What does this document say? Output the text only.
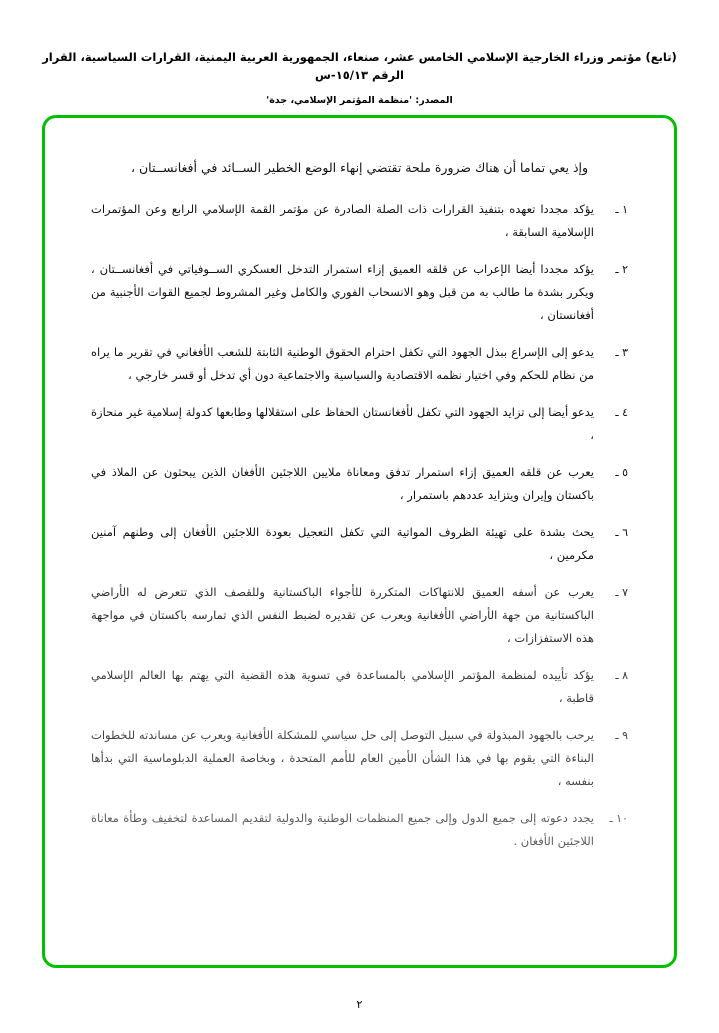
(تابع) مؤتمر وزراء الخارجية الإسلامي الخامس عشر، صنعاء، الجمهورية العربية اليمنية، القرارات السياسية، القرار الرقم ١٥/١٣-س
المصدر: 'منظمة المؤتمر الإسلامي، جدة'
وإذ يعي تماما أن هناك ضرورة ملحة تقتضي إنهاء الوضع الخطير الســائد في أفغانســتان ،
١ ـ
يؤكد مجددا تعهده بتنفيذ القرارات ذات الصلة الصادرة عن مؤتمر القمة الإسلامي الرابع وعن المؤتمرات الإسلامية السابقة ،
٢ ـ
يؤكد مجددا أيضا الإعراب عن قلقه العميق إزاء استمرار التدخل العسكري الســوفياتي في أفغانســتان ، ويكرر بشدة ما طالب به من قبل وهو الانسحاب الفوري والكامل وغير المشروط لجميع القوات الأجنبية من أفغانستان ،
٣ ـ
يدعو إلى الإسراع ببذل الجهود التي تكفل احترام الحقوق الوطنية الثابتة للشعب الأفغاني في تقرير ما يراه من نظام للحكم وفي اختيار نظمه الاقتصادية والسياسية والاجتماعية دون أي تدخل أو قسر خارجي ،
٤ ـ
يدعو أيضا إلى تزايد الجهود التي تكفل لأفغانستان الحفاظ على استقلالها وطابعها كدولة إسلامية غير منحازة ،
٥ ـ
يعرب عن قلقه العميق إزاء استمرار تدفق ومعاناة ملايين اللاجئين الأفغان الذين يبحثون عن الملاذ في باكستان وإيران ويتزايد عددهم باستمرار ،
٦ ـ
يحث بشدة على تهيئة الظروف المواتية التي تكفل التعجيل بعودة اللاجئين الأفغان إلى وطنهم آمنين مكرمين ،
٧ ـ
يعرب عن أسفه العميق للانتهاكات المتكررة للأجواء الباكستانية وللقصف الذي تتعرض له الأراضي الباكستانية من جهة الأراضي الأفغانية ويعرب عن تقديره لضبط النفس الذي تمارسه باكستان في مواجهة هذه الاستفزازات ،
٨ ـ
يؤكد تأييده لمنظمة المؤتمر الإسلامي بالمساعدة في تسوية هذه القضية التي يهتم بها العالم الإسلامي قاطبة ،
٩ ـ
يرحب بالجهود المبذولة في سبيل التوصل إلى حل سياسي للمشكلة الأفغانية ويعرب عن مساندته للخطوات البناءة التي يقوم بها في هذا الشأن الأمين العام للأمم المتحدة ، وبخاصة العملية الدبلوماسية التي بدأها بنفسه ،
١٠ ـ
يجدد دعوته إلى جميع الدول وإلى جميع المنظمات الوطنية والدولية لتقديم المساعدة لتخفيف وطأة معاناة اللاجئين الأفغان .
٢
